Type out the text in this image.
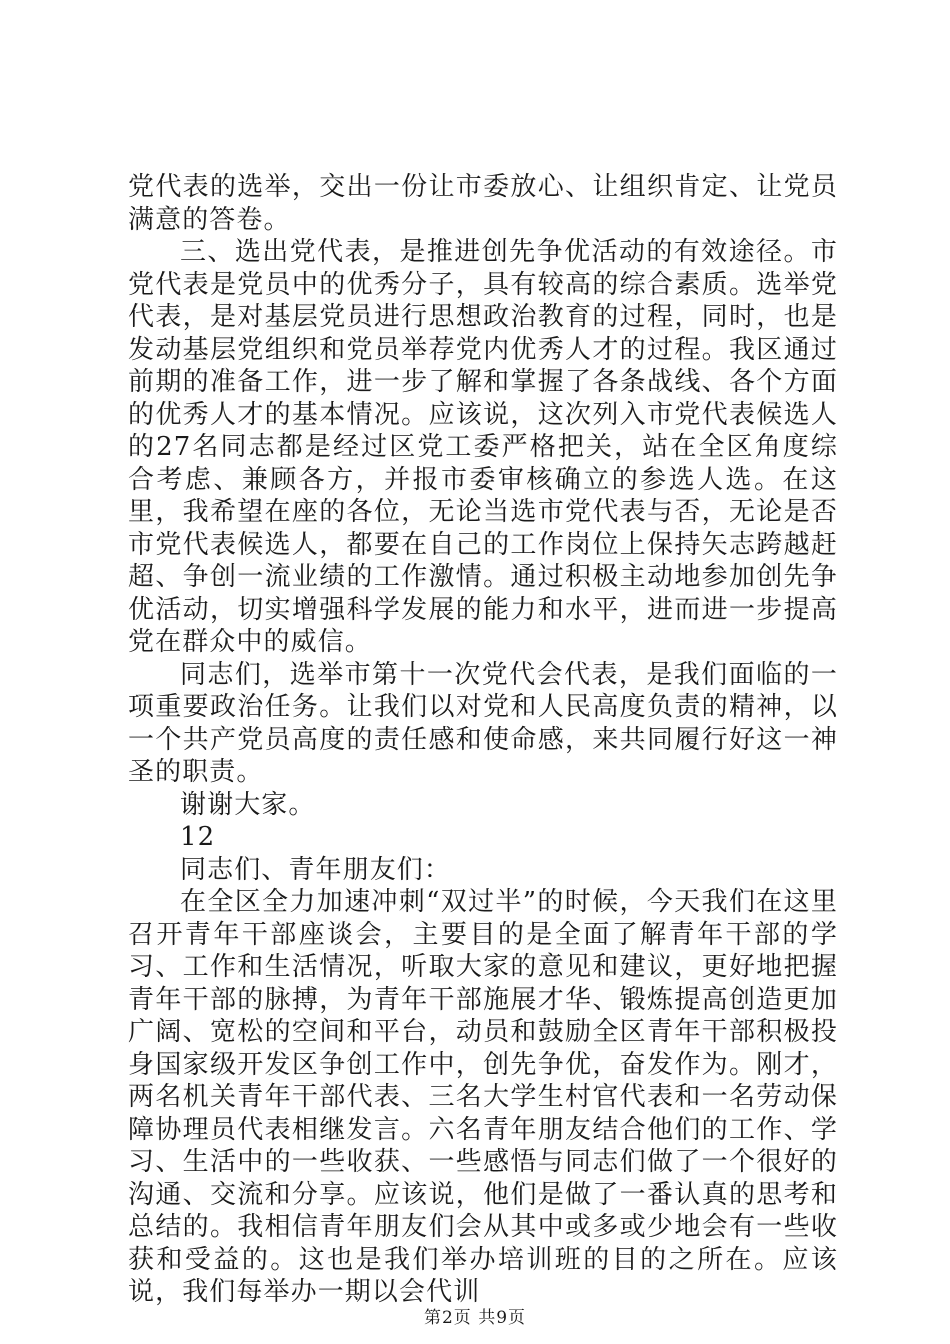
党代表的选举，交出一份让市委放心、让组织肯定、让党员满意的答卷。

三、选出党代表，是推进创先争优活动的有效途径。市党代表是党员中的优秀分子，具有较高的综合素质。选举党代表，是对基层党员进行思想政治教育的过程，同时，也是发动基层党组织和党员举荐党内优秀人才的过程。我区通过前期的准备工作，进一步了解和掌握了各条战线、各个方面的优秀人才的基本情况。应该说，这次列入市党代表候选人的27名同志都是经过区党工委严格把关，站在全区角度综合考虑、兼顾各方，并报市委审核确立的参选人选。在这里，我希望在座的各位，无论当选市党代表与否，无论是否市党代表候选人，都要在自己的工作岗位上保持矢志跨越赶超、争创一流业绩的工作激情。通过积极主动地参加创先争优活动，切实增强科学发展的能力和水平，进而进一步提高党在群众中的威信。

同志们，选举市第十一次党代会代表，是我们面临的一项重要政治任务。让我们以对党和人民高度负责的精神，以一个共产党员高度的责任感和使命感，来共同履行好这一神圣的职责。

谢谢大家。

12

同志们、青年朋友们：

在全区全力加速冲刺“双过半”的时候，今天我们在这里召开青年干部座谈会，主要目的是全面了解青年干部的学习、工作和生活情况，听取大家的意见和建议，更好地把握青年干部的脉搏，为青年干部施展才华、锻炼提高创造更加广阔、宽松的空间和平台，动员和鼓励全区青年干部积极投身国家级开发区争创工作中，创先争优，奋发作为。刚才，两名机关青年干部代表、三名大学生村官代表和一名劳动保障协理员代表相继发言。六名青年朋友结合他们的工作、学习、生活中的一些收获、一些感悟与同志们做了一个很好的沟通、交流和分享。应该说，他们是做了一番认真的思考和总结的。我相信青年朋友们会从其中或多或少地会有一些收获和受益的。这也是我们举办培训班的目的之所在。应该说，我们每举办一期以会代训

第2页 共9页
